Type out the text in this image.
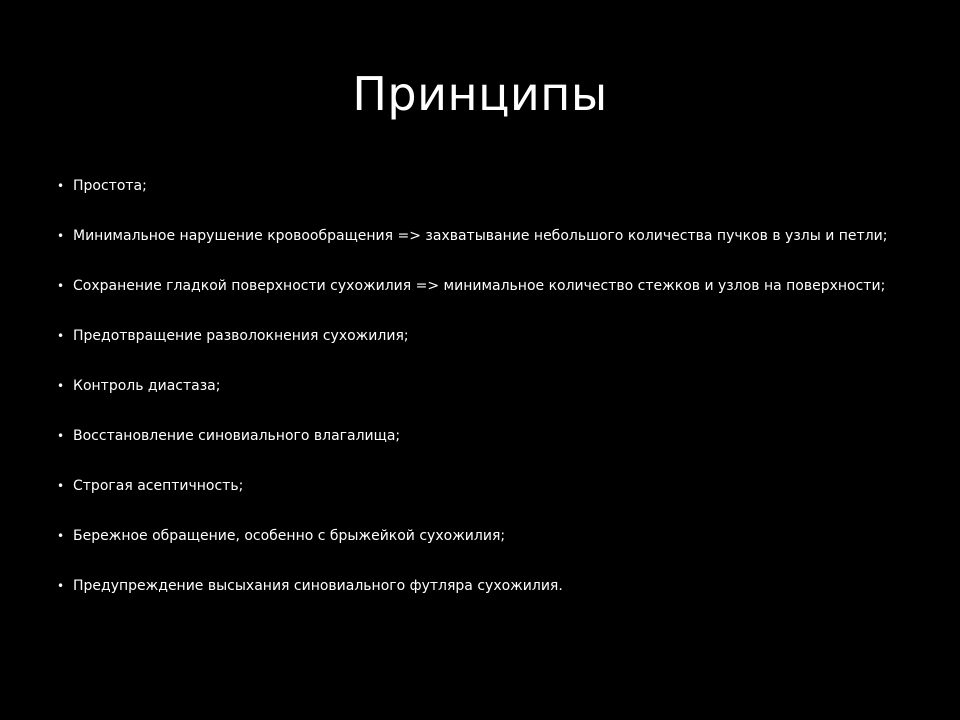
Принципы
• Простота;
• Минимальное нарушение кровообращения => захватывание небольшого количества пучков в узлы и петли;
• Сохранение гладкой поверхности сухожилия => минимальное количество стежков и узлов на поверхности;
• Предотвращение разволокнения сухожилия;
• Контроль диастаза;
• Восстановление синовиального влагалища;
• Строгая асептичность;
• Бережное обращение, особенно с брыжейкой сухожилия;
• Предупреждение высыхания синовиального футляра сухожилия.
